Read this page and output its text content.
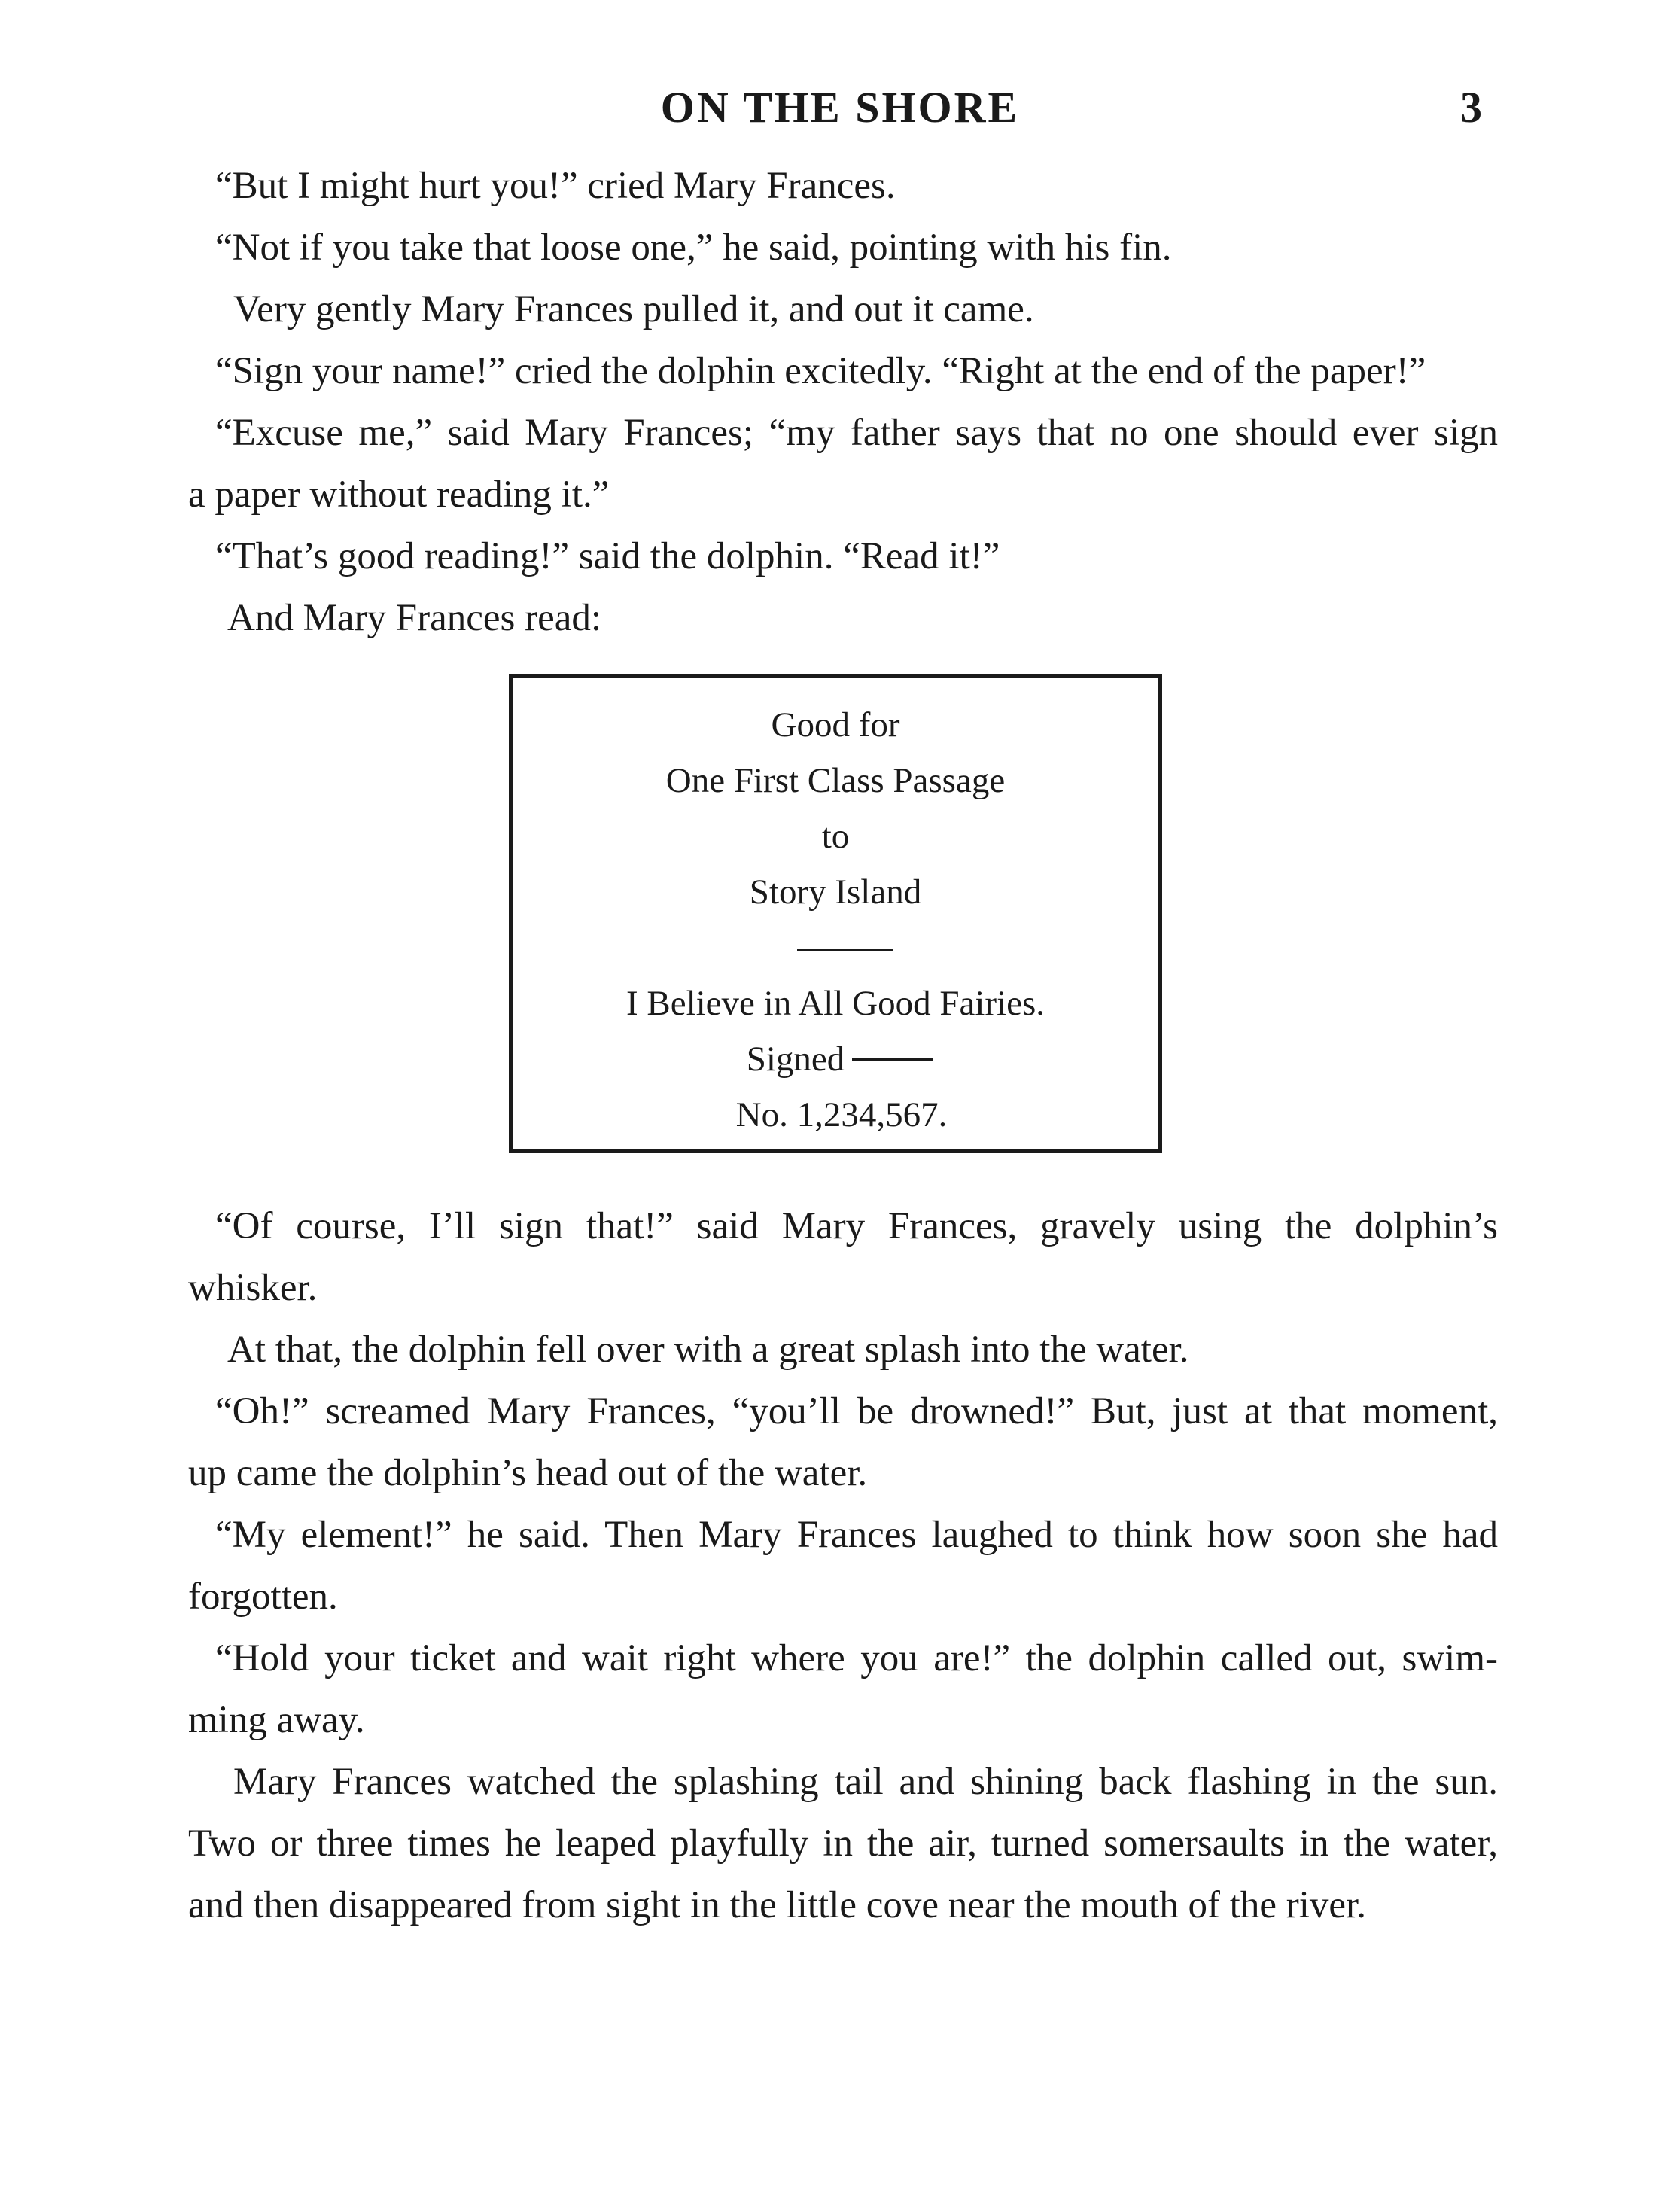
ON THE SHORE	3

“But I might hurt you!” cried Mary Frances.

“Not if you take that loose one,” he said, pointing with his fin.

Very gently Mary Frances pulled it, and out it came.

“Sign your name!” cried the dolphin excitedly. “Right at the end of the paper!”

“Excuse me,” said Mary Frances; “my father says that no one should ever sign
a paper without reading it.”

“That’s good reading!” said the dolphin. “Read it!”

And Mary Frances read:

Good for
One First Class Passage
to
Story Island
I Believe in All Good Fairies.
Signed
No. 1,234,567.
“Of course, I’ll sign that!” said Mary Frances, gravely using the dolphin’s
whisker.

At that, the dolphin fell over with a great splash into the water.

“Oh!” screamed Mary Frances, “you’ll be drowned!” But, just at that moment,
up came the dolphin’s head out of the water.
“My element!” he said. Then Mary Frances laughed to think how soon she had
forgotten.
“Hold your ticket and wait right where you are!” the dolphin called out, swim-
ming away.
Mary Frances watched the splashing tail and shining back flashing in the sun.
Two or three times he leaped playfully in the air, turned somersaults in the water,
and then disappeared from sight in the little cove near the mouth of the river.
